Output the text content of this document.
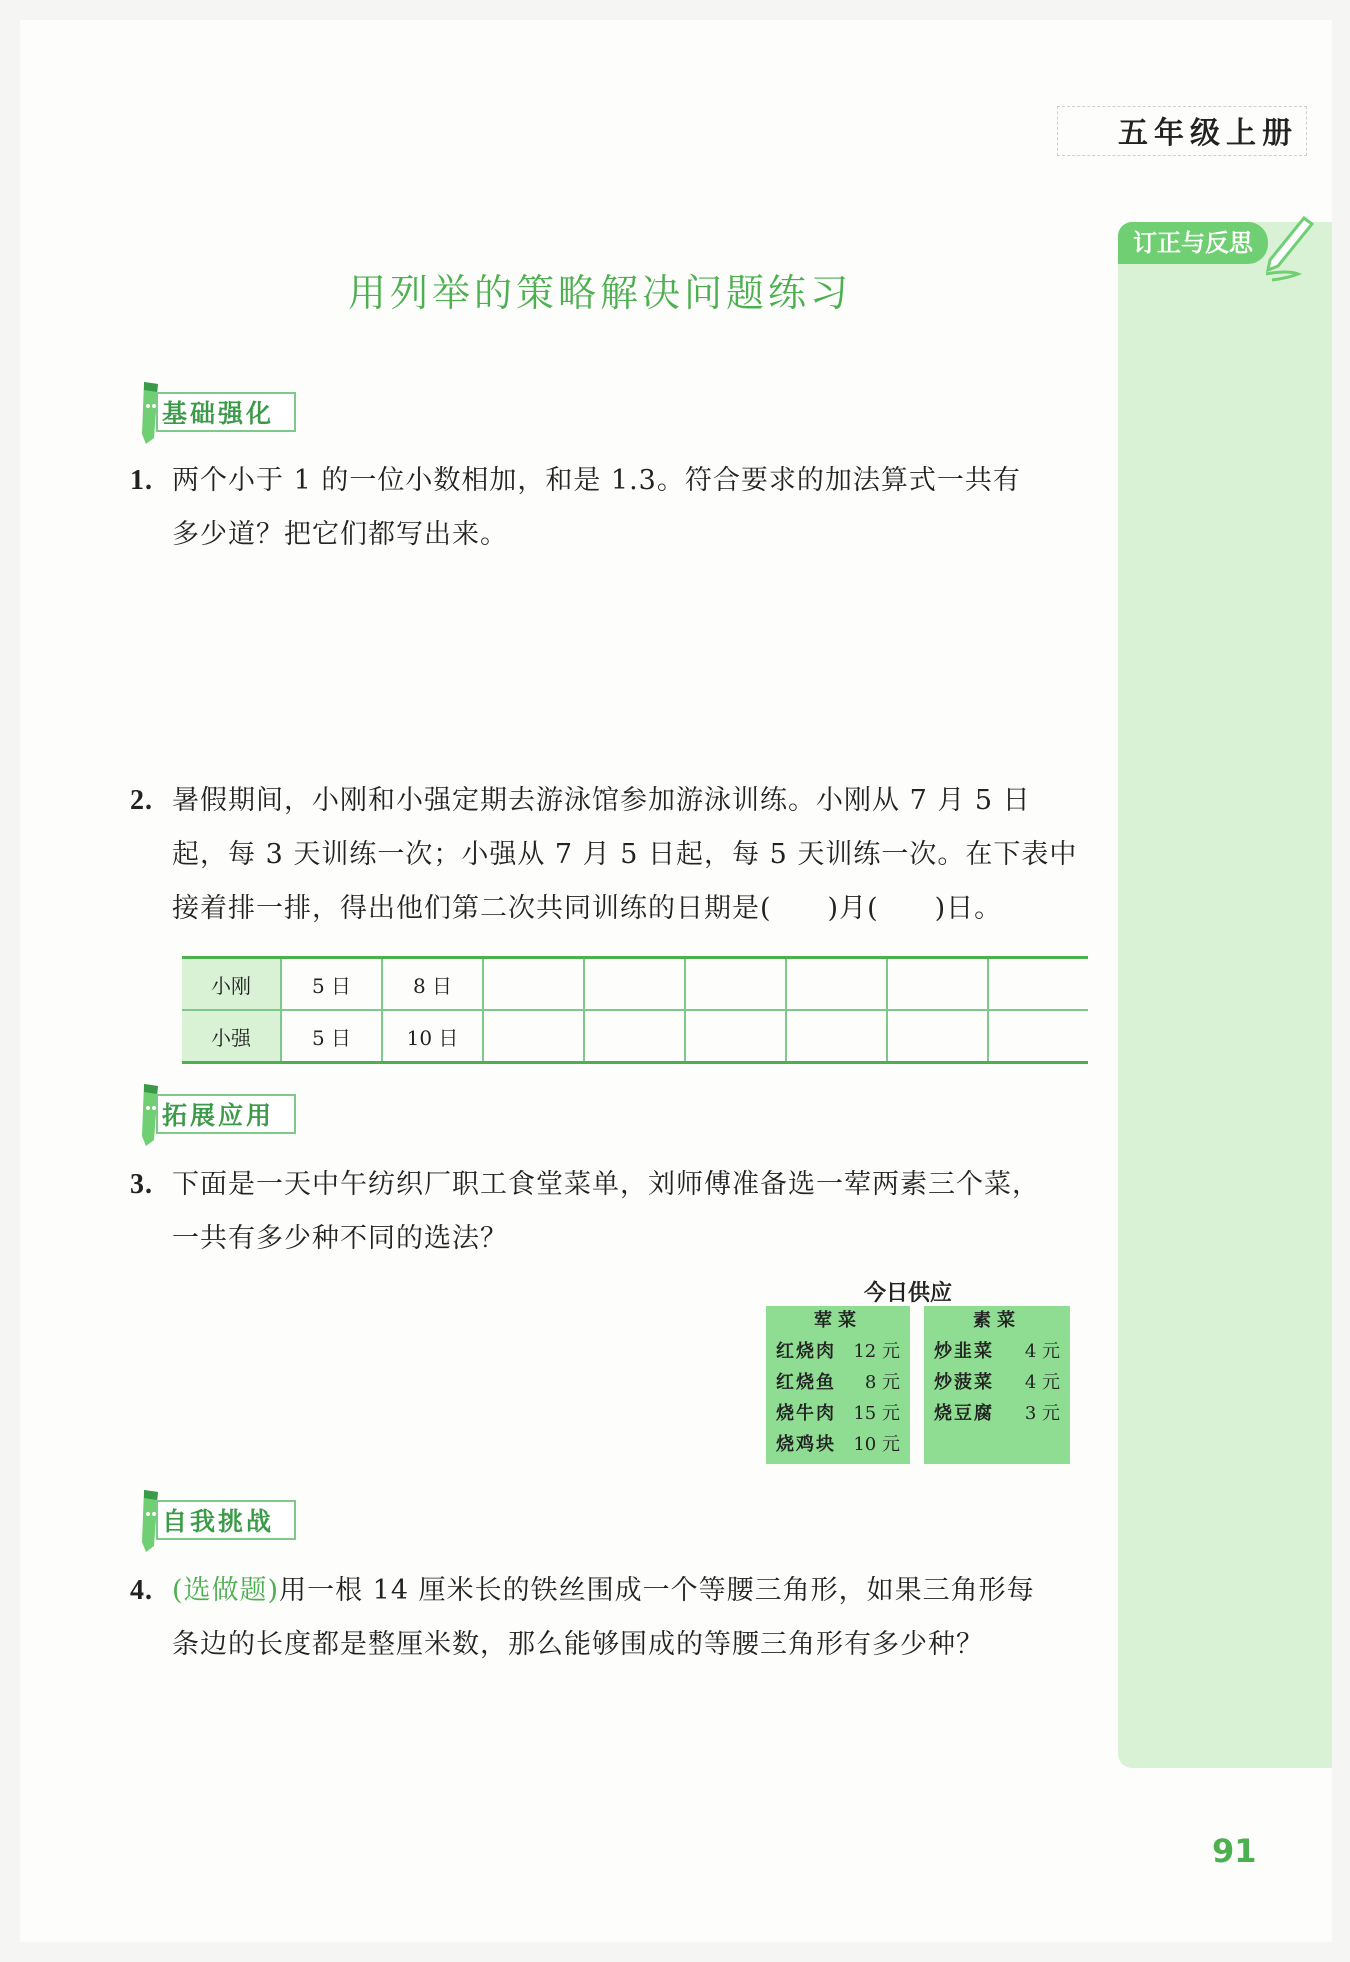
五年级上册
订正与反思
用列举的策略解决问题练习
基础强化
1. 两个小于 1 的一位小数相加，和是 1.3。符合要求的加法算式一共有
多少道？把它们都写出来。
2. 暑假期间，小刚和小强定期去游泳馆参加游泳训练。小刚从 7 月 5 日
起，每 3 天训练一次；小强从 7 月 5 日起，每 5 天训练一次。在下表中
接着排一排，得出他们第二次共同训练的日期是(　　)月(　　)日。
小刚	5 日	8 日						
小强	5 日	10 日						
拓展应用
3. 下面是一天中午纺织厂职工食堂菜单，刘师傅准备选一荤两素三个菜，
一共有多少种不同的选法？
今日供应
荤菜
红烧肉 12 元
红烧鱼 8 元
烧牛肉 15 元
烧鸡块 10 元
素菜
炒韭菜 4 元
炒菠菜 4 元
烧豆腐 3 元
自我挑战
4. (选做题)用一根 14 厘米长的铁丝围成一个等腰三角形，如果三角形每
条边的长度都是整厘米数，那么能够围成的等腰三角形有多少种？
91
